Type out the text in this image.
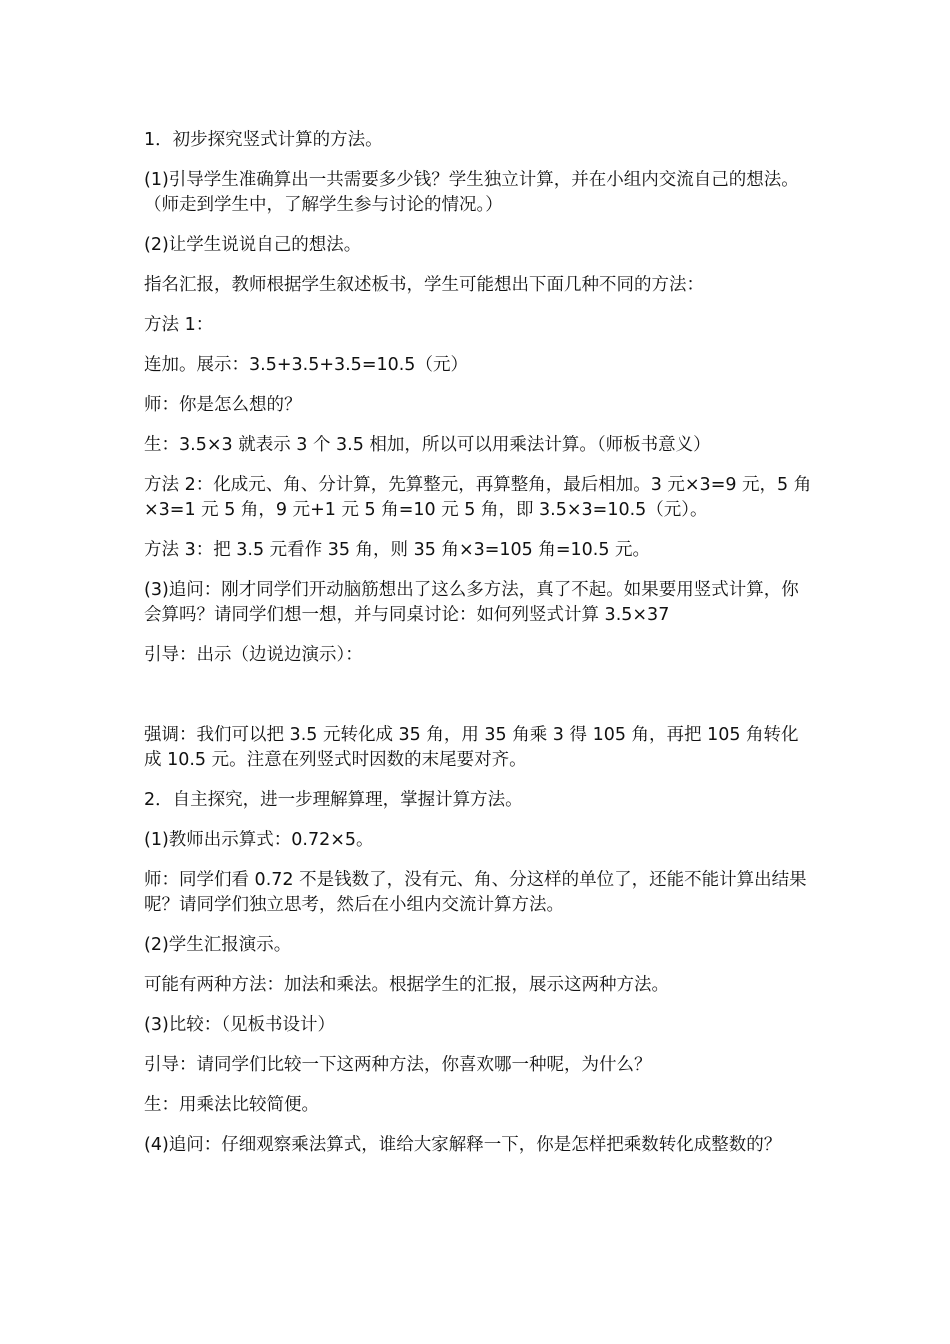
1．初步探究竖式计算的方法。

(1)引导学生准确算出一共需要多少钱？学生独立计算，并在小组内交流自己的想法。（师走到学生中，了解学生参与讨论的情况。）

(2)让学生说说自己的想法。

指名汇报，教师根据学生叙述板书，学生可能想出下面几种不同的方法：

方法 1：

连加。展示：3.5+3.5+3.5=10.5（元）

师：你是怎么想的？

生：3.5×3 就表示 3 个 3.5 相加，所以可以用乘法计算。（师板书意义）

方法 2：化成元、角、分计算，先算整元，再算整角，最后相加。3 元×3=9 元，5 角×3=1 元 5 角，9 元+1 元 5 角=10 元 5 角，即 3.5×3=10.5（元）。

方法 3：把 3.5 元看作 35 角，则 35 角×3=105 角=10.5 元。

(3)追问：刚才同学们开动脑筋想出了这么多方法，真了不起。如果要用竖式计算，你会算吗？请同学们想一想，并与同桌讨论：如何列竖式计算 3.5×37

引导：出示（边说边演示）：

强调：我们可以把 3.5 元转化成 35 角，用 35 角乘 3 得 105 角，再把 105 角转化成 10.5 元。注意在列竖式时因数的末尾要对齐。

2．自主探究，进一步理解算理，掌握计算方法。

(1)教师出示算式：0.72×5。

师：同学们看 0.72 不是钱数了，没有元、角、分这样的单位了，还能不能计算出结果呢？请同学们独立思考，然后在小组内交流计算方法。

(2)学生汇报演示。

可能有两种方法：加法和乘法。根据学生的汇报，展示这两种方法。

(3)比较：（见板书设计）

引导：请同学们比较一下这两种方法，你喜欢哪一种呢，为什么？

生：用乘法比较简便。

(4)追问：仔细观察乘法算式，谁给大家解释一下，你是怎样把乘数转化成整数的？
